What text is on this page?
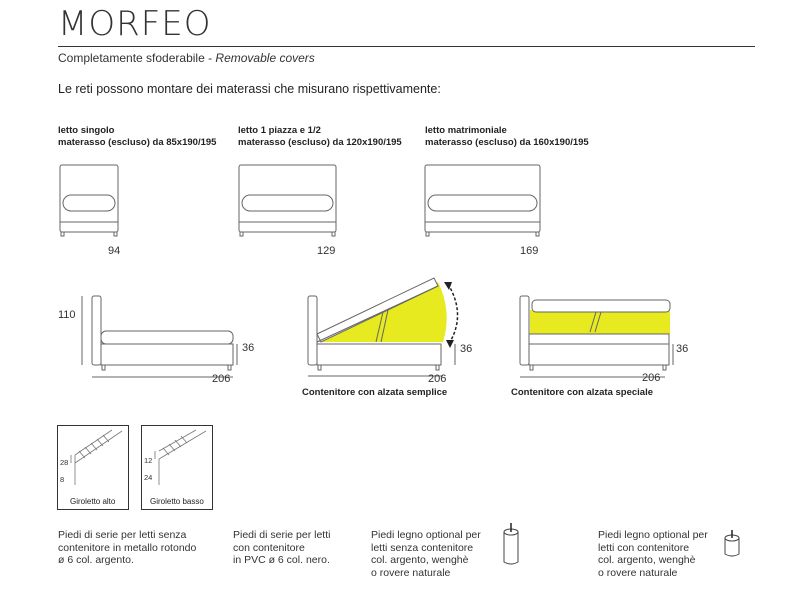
MORFEO
Completamente sfoderabile - Removable covers
Le reti possono montare dei materassi che misurano rispettivamente:
letto singolo
materasso (escluso) da 85x190/195
letto 1 piazza e 1/2
materasso (escluso) da 120x190/195
letto matrimoniale
materasso (escluso) da 160x190/195
94	129	169
110
36
206
36
206
Contenitore con alzata semplice
36
206
Contenitore con alzata speciale
28
8
Giroletto alto
12
24
Giroletto basso
Piedi di serie per letti senza
contenitore in metallo rotondo
ø 6 col. argento.
Piedi di serie per letti
con contenitore
in PVC ø 6 col. nero.
Piedi legno optional per
letti senza contenitore
col. argento, wenghè
o rovere naturale
Piedi legno optional per
letti con contenitore
col. argento, wenghè
o rovere naturale
